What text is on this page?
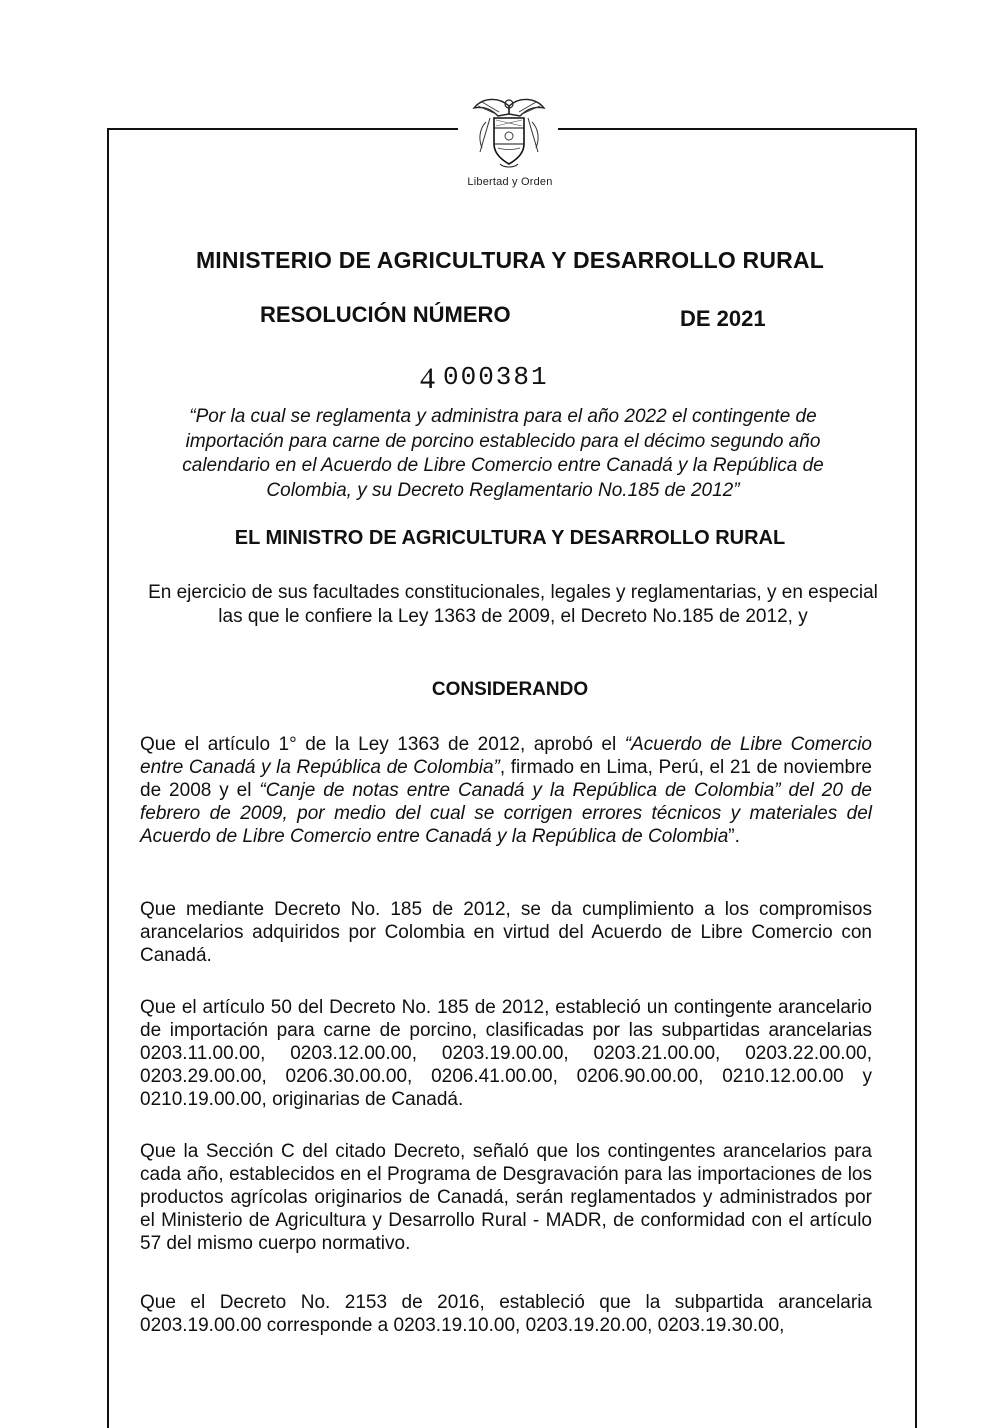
Libertad y Orden
MINISTERIO DE AGRICULTURA Y DESARROLLO RURAL
RESOLUCIÓN NÚMERO	DE 2021
4 000381
“Por la cual se reglamenta y administra para el año 2022 el contingente de importación para carne de porcino establecido para el décimo segundo año calendario en el Acuerdo de Libre Comercio entre Canadá y la República de Colombia, y su Decreto Reglamentario No.185 de 2012”
EL MINISTRO DE AGRICULTURA Y DESARROLLO RURAL
En ejercicio de sus facultades constitucionales, legales y reglamentarias, y en especial las que le confiere la Ley 1363 de 2009, el Decreto No.185 de 2012, y
CONSIDERANDO
Que el artículo 1° de la Ley 1363 de 2012, aprobó el “Acuerdo de Libre Comercio entre Canadá y la República de Colombia”, firmado en Lima, Perú, el 21 de noviembre de 2008 y el “Canje de notas entre Canadá y la República de Colombia” del 20 de febrero de 2009, por medio del cual se corrigen errores técnicos y materiales del Acuerdo de Libre Comercio entre Canadá y la República de Colombia”.
Que mediante Decreto No. 185 de 2012, se da cumplimiento a los compromisos arancelarios adquiridos por Colombia en virtud del Acuerdo de Libre Comercio con Canadá.
Que el artículo 50 del Decreto No. 185 de 2012, estableció un contingente arancelario de importación para carne de porcino, clasificadas por las subpartidas arancelarias 0203.11.00.00, 0203.12.00.00, 0203.19.00.00, 0203.21.00.00, 0203.22.00.00, 0203.29.00.00, 0206.30.00.00, 0206.41.00.00, 0206.90.00.00, 0210.12.00.00 y 0210.19.00.00, originarias de Canadá.
Que la Sección C del citado Decreto, señaló que los contingentes arancelarios para cada año, establecidos en el Programa de Desgravación para las importaciones de los productos agrícolas originarios de Canadá, serán reglamentados y administrados por el Ministerio de Agricultura y Desarrollo Rural - MADR, de conformidad con el artículo 57 del mismo cuerpo normativo.
Que el Decreto No. 2153 de 2016, estableció que la subpartida arancelaria 0203.19.00.00 corresponde a 0203.19.10.00, 0203.19.20.00, 0203.19.30.00,
